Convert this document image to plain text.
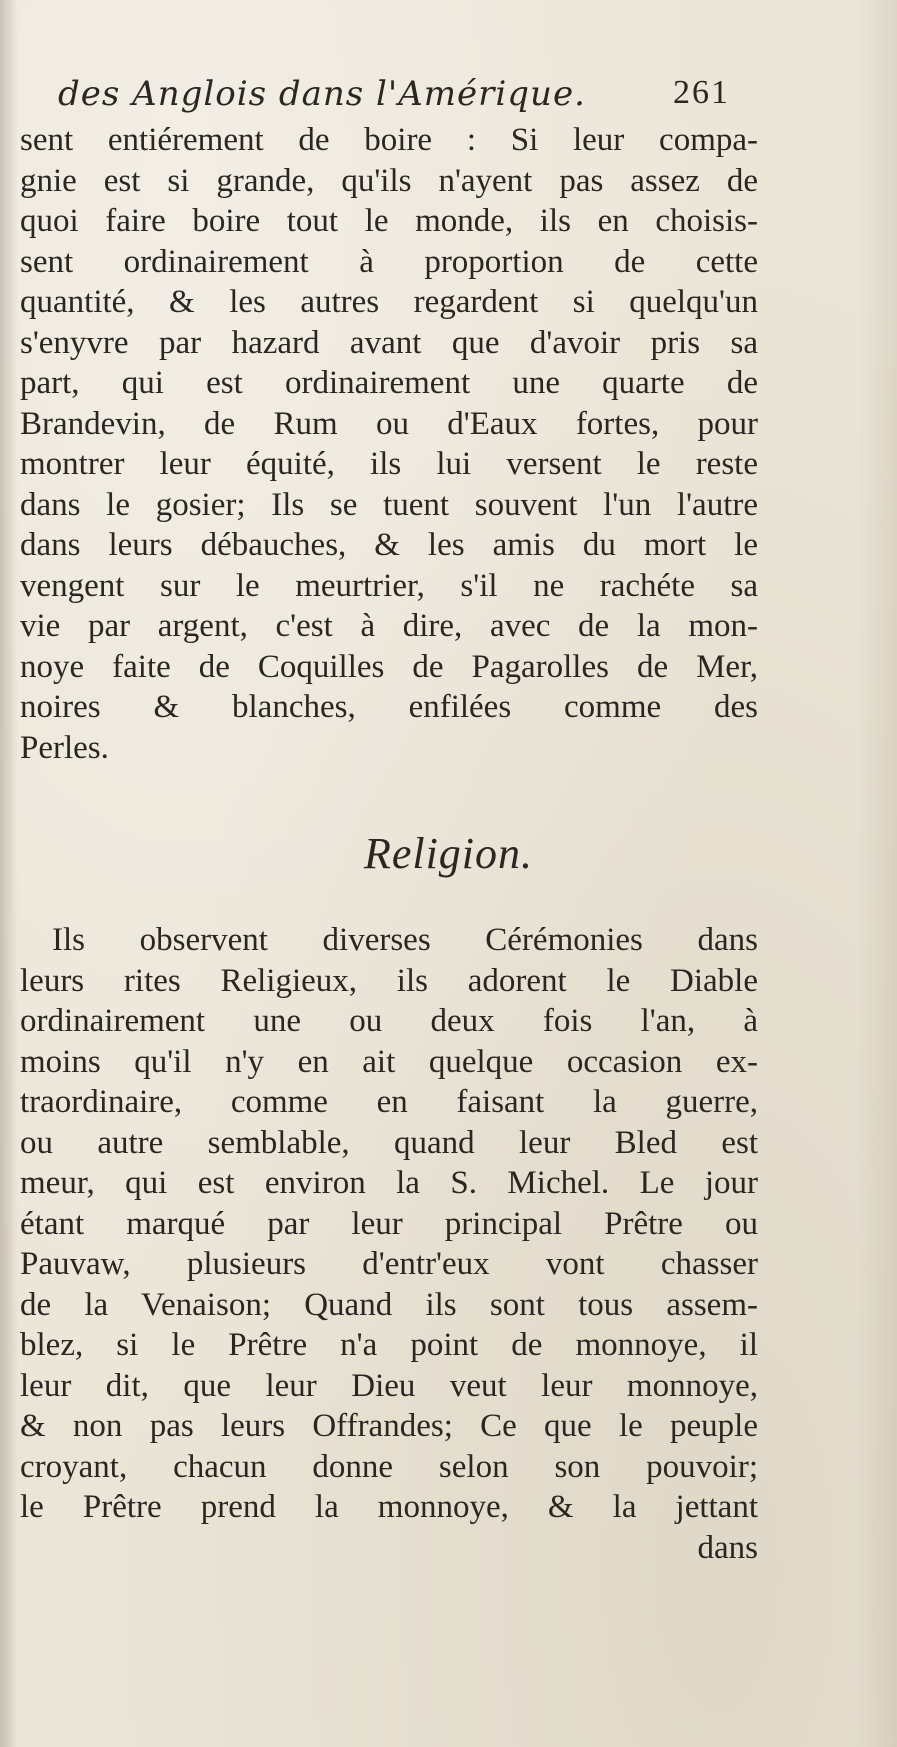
des Anglois dans l'Amérique.	261
sent entiérement de boire : Si leur compa-
gnie est si grande, qu'ils n'ayent pas assez de
quoi faire boire tout le monde, ils en choisis-
sent ordinairement à proportion de cette
quantité, & les autres regardent si quelqu'un
s'enyvre par hazard avant que d'avoir pris sa
part, qui est ordinairement une quarte de
Brandevin, de Rum ou d'Eaux fortes, pour
montrer leur équité, ils lui versent le reste
dans le gosier; Ils se tuent souvent l'un l'autre
dans leurs débauches, & les amis du mort le
vengent sur le meurtrier, s'il ne rachéte sa
vie par argent, c'est à dire, avec de la mon-
noye faite de Coquilles de Pagarolles de Mer,
noires & blanches, enfilées comme des
Perles.
Religion.
Ils observent diverses Cérémonies dans
leurs rites Religieux, ils adorent le Diable
ordinairement une ou deux fois l'an, à
moins qu'il n'y en ait quelque occasion ex-
traordinaire, comme en faisant la guerre,
ou autre semblable, quand leur Bled est
meur, qui est environ la S. Michel. Le jour
étant marqué par leur principal Prêtre ou
Pauvaw, plusieurs d'entr'eux vont chasser
de la Venaison; Quand ils sont tous assem-
blez, si le Prêtre n'a point de monnoye, il
leur dit, que leur Dieu veut leur monnoye,
& non pas leurs Offrandes; Ce que le peuple
croyant, chacun donne selon son pouvoir;
le Prêtre prend la monnoye, & la jettant
dans
